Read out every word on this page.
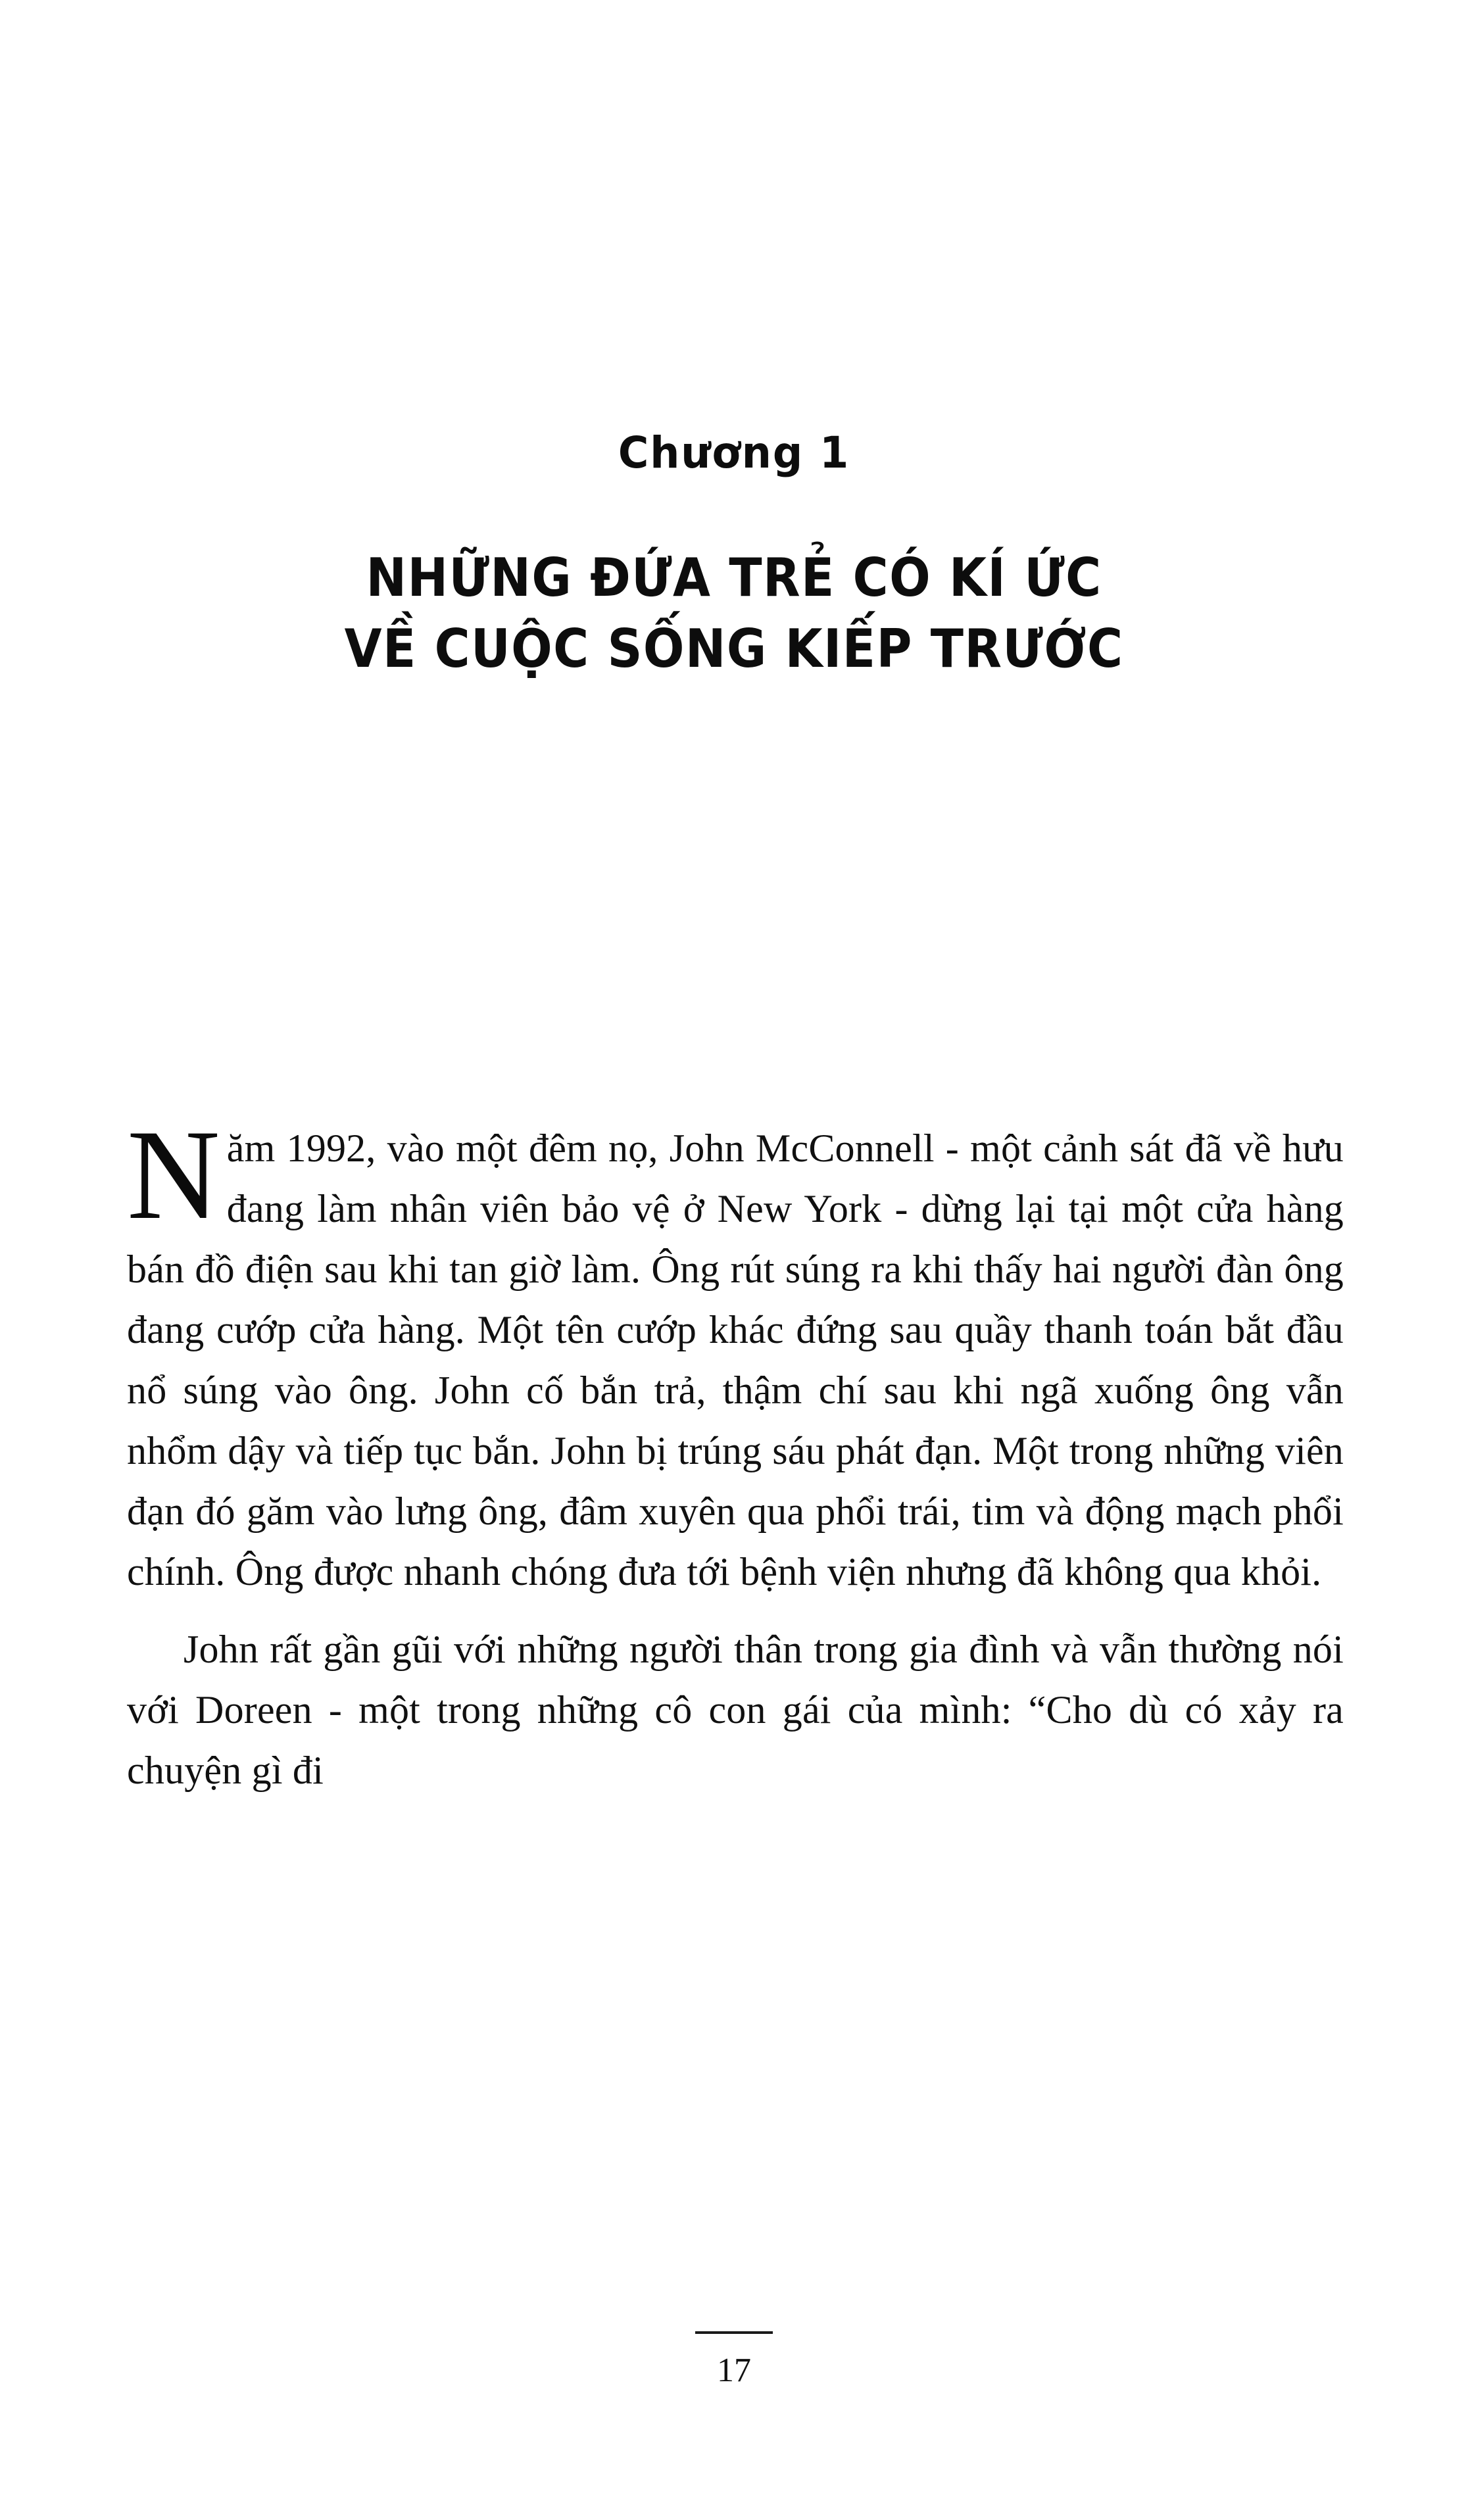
Chương 1
NHỮNG ĐỨA TRẺ CÓ KÍ ỨC
VỀ CUỘC SỐNG KIẾP TRƯỚC

Năm 1992, vào một đêm nọ, John McConnell - một cảnh sát đã về hưu đang làm nhân viên bảo vệ ở New York - dừng lại tại một cửa hàng bán đồ điện sau khi tan giờ làm. Ông rút súng ra khi thấy hai người đàn ông đang cướp cửa hàng. Một tên cướp khác đứng sau quầy thanh toán bắt đầu nổ súng vào ông. John cố bắn trả, thậm chí sau khi ngã xuống ông vẫn nhổm dậy và tiếp tục bắn. John bị trúng sáu phát đạn. Một trong những viên đạn đó găm vào lưng ông, đâm xuyên qua phổi trái, tim và động mạch phổi chính. Ông được nhanh chóng đưa tới bệnh viện nhưng đã không qua khỏi.

John rất gần gũi với những người thân trong gia đình và vẫn thường nói với Doreen - một trong những cô con gái của mình: “Cho dù có xảy ra chuyện gì đi

17
